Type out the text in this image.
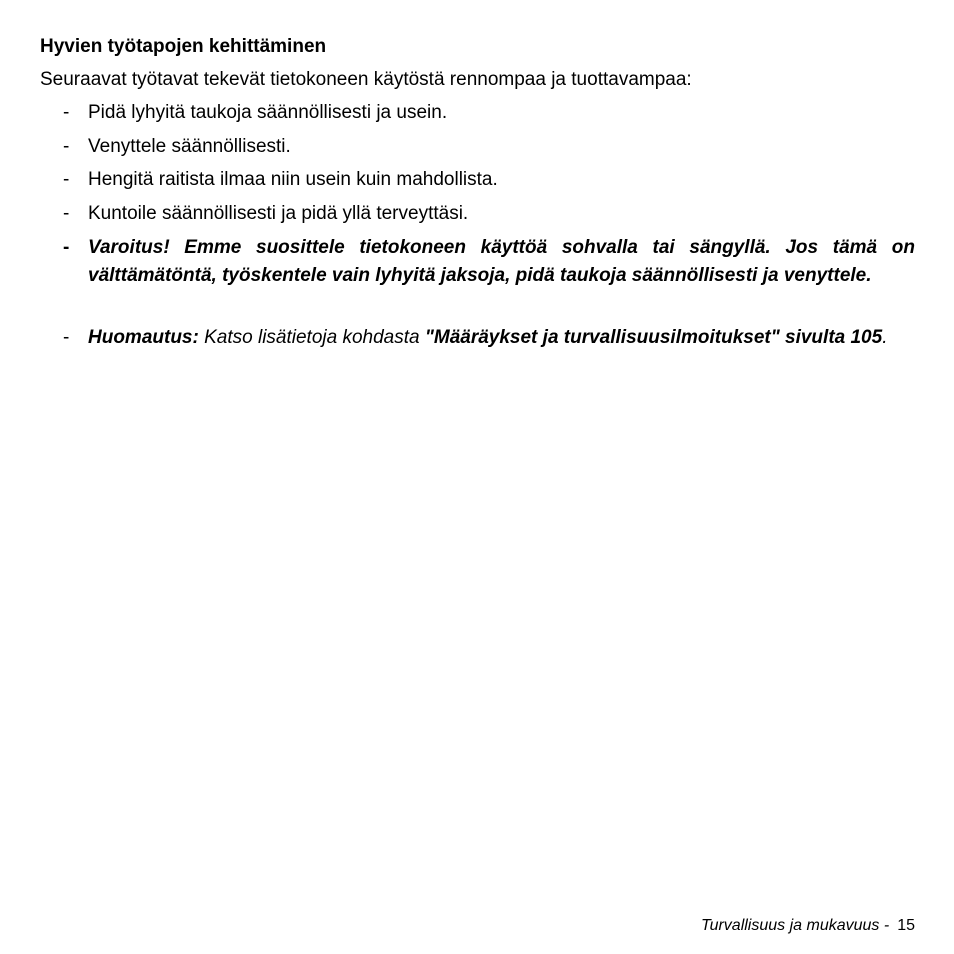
Hyvien työtapojen kehittäminen
Seuraavat työtavat tekevät tietokoneen käytöstä rennompaa ja tuottavampaa:
- Pidä lyhyitä taukoja säännöllisesti ja usein.
- Venyttele säännöllisesti.
- Hengitä raitista ilmaa niin usein kuin mahdollista.
- Kuntoile säännöllisesti ja pidä yllä terveyttäsi.
- Varoitus! Emme suosittele tietokoneen käyttöä sohvalla tai sängyllä. Jos tämä on välttämätöntä, työskentele vain lyhyitä jaksoja, pidä taukoja säännöllisesti ja venyttele.
- Huomautus: Katso lisätietoja kohdasta "Määräykset ja turvallisuusilmoitukset" sivulta 105.
Turvallisuus ja mukavuus - 15
